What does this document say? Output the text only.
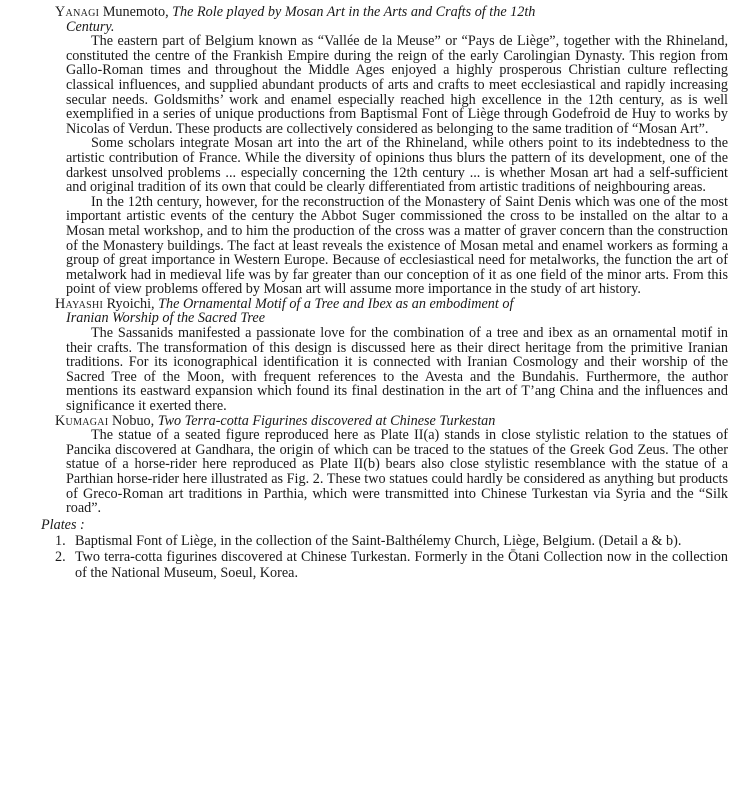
Yanagi Munemoto, The Role played by Mosan Art in the Arts and Crafts of the 12th
Century.

The eastern part of Belgium known as “Vallée de la Meuse” or “Pays de Liège”, together with the Rhineland, constituted the centre of the Frankish Empire during the reign of the early Carolingian Dynasty. This region from Gallo-Roman times and throughout the Middle Ages enjoyed a highly prosperous Christian culture reflecting classical influences, and supplied abundant products of arts and crafts to meet ecclesiastical and rapidly increasing secular needs. Goldsmiths’ work and enamel especially reached high excellence in the 12th century, as is well exemplified in a series of unique productions from Baptismal Font of Liège through Godefroid de Huy to works by Nicolas of Verdun. These products are collectively considered as belonging to the same tradition of “Mosan Art”.

Some scholars integrate Mosan art into the art of the Rhineland, while others point to its indebtedness to the artistic contribution of France. While the diversity of opinions thus blurs the pattern of its development, one of the darkest unsolved problems ... especially concerning the 12th century ... is whether Mosan art had a self-sufficient and original tradition of its own that could be clearly differentiated from artistic traditions of neighbouring areas.

In the 12th century, however, for the reconstruction of the Monastery of Saint Denis which was one of the most important artistic events of the century the Abbot Suger commissioned the cross to be installed on the altar to a Mosan metal workshop, and to him the production of the cross was a matter of graver concern than the construction of the Monastery buildings. The fact at least reveals the existence of Mosan metal and enamel workers as forming a group of great importance in Western Europe. Because of ecclesiastical need for metalworks, the function the art of metalwork had in medieval life was by far greater than our conception of it as one field of the minor arts. From this point of view problems offered by Mosan art will assume more importance in the study of art history.

Hayashi Ryoichi, The Ornamental Motif of a Tree and Ibex as an embodiment of
Iranian Worship of the Sacred Tree

The Sassanids manifested a passionate love for the combination of a tree and ibex as an ornamental motif in their crafts. The transformation of this design is discussed here as their direct heritage from the primitive Iranian traditions. For its iconographical identification it is connected with Iranian Cosmology and their worship of the Sacred Tree of the Moon, with frequent references to the Avesta and the Bundahis. Furthermore, the author mentions its eastward expansion which found its final destination in the art of T’ang China and the influences and significance it exerted there.

Kumagai Nobuo, Two Terra-cotta Figurines discovered at Chinese Turkestan

The statue of a seated figure reproduced here as Plate II(a) stands in close stylistic relation to the statues of Pancika discovered at Gandhara, the origin of which can be traced to the statues of the Greek God Zeus. The other statue of a horse-rider here reproduced as Plate II(b) bears also close stylistic resemblance with the statue of a Parthian horse-rider here illustrated as Fig. 2. These two statues could hardly be considered as anything but products of Greco-Roman art traditions in Parthia, which were transmitted into Chinese Turkestan via Syria and the “Silk road”.

Plates :

1. Baptismal Font of Liège, in the collection of the Saint-Balthélemy Church, Liège, Belgium. (Detail a & b).
2. Two terra-cotta figurines discovered at Chinese Turkestan. Formerly in the Ōtani Collection now in the collection of the National Museum, Soeul, Korea.
